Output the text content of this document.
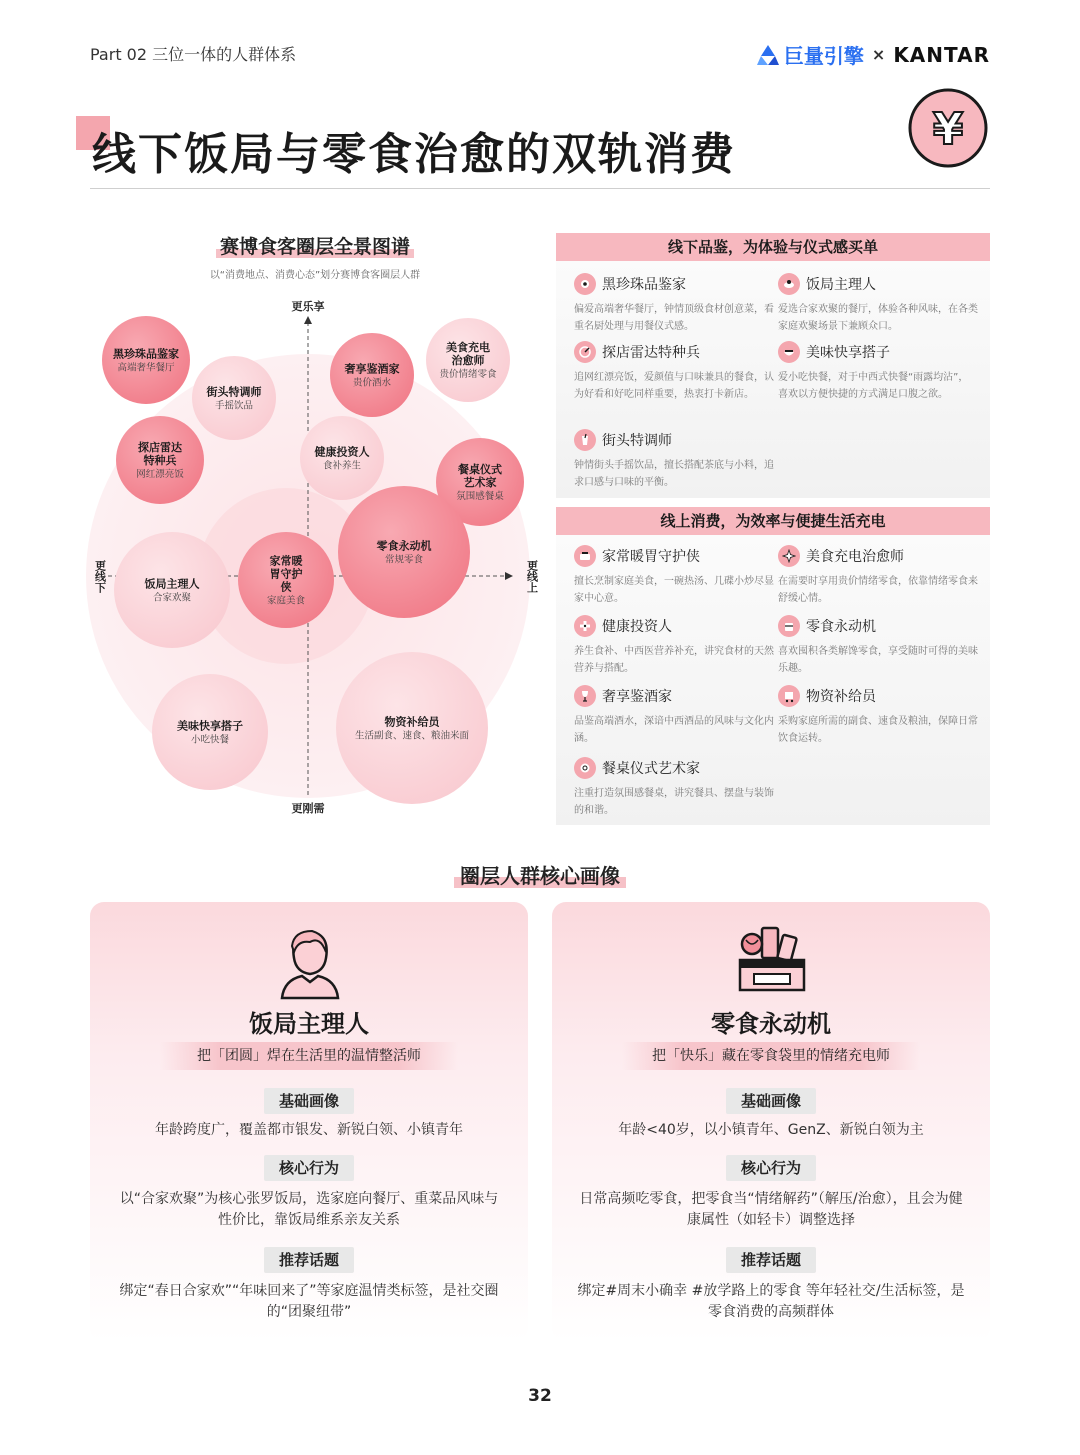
Part 02 三位一体的人群体系	巨量引擎 × KANTAR
线下饭局与零食治愈的双轨消费	¥
赛博食客圈层全景图谱
以“消费地点、消费心态”划分赛博食客圈层人群
更乐享
更刚需
更线下	更线上
黑珍珠品鉴家
高端奢华餐厅
街头特调师
手摇饮品
奢享鉴酒家
贵价酒水
美食充电
治愈师
贵价情绪零食
健康投资人
食补养生
探店雷达
特种兵
网红漂亮饭	餐桌仪式
艺术家
氛围感餐桌
零食永动机
常规零食
家常暖
胃守护
侠
家庭美食
饭局主理人
合家欢聚
美味快享搭子
小吃快餐
物资补给员
生活副食、速食、粮油米面
线下品鉴，为体验与仪式感买单
黑珍珠品鉴家
偏爱高端奢华餐厅，钟情顶级食材创意菜，看重名厨处理与用餐仪式感。
饭局主理人
爱选合家欢聚的餐厅，体验各种风味，在各类家庭欢聚场景下兼顾众口。
探店雷达特种兵
追网红漂亮饭，爱颜值与口味兼具的餐食，认为好看和好吃同样重要，热衷打卡新店。
美味快享搭子
爱小吃快餐，对于中西式快餐“雨露均沾”，喜欢以方便快捷的方式满足口腹之欲。
街头特调师
钟情街头手摇饮品，擅长搭配茶底与小料，追求口感与口味的平衡。
线上消费，为效率与便捷生活充电
家常暖胃守护侠
擅长烹制家庭美食，一碗热汤、几碟小炒尽显家中心意。
美食充电治愈师
在需要时享用贵价情绪零食，依靠情绪零食来舒缓心情。
健康投资人
养生食补、中西医营养补充，讲究食材的天然营养与搭配。
零食永动机
喜欢囤积各类解馋零食，享受随时可得的美味乐趣。
奢享鉴酒家
品鉴高端酒水，深谙中西酒品的风味与文化内涵。
物资补给员
采购家庭所需的副食、速食及粮油，保障日常饮食运转。
餐桌仪式艺术家
注重打造氛围感餐桌，讲究餐具、摆盘与装饰的和谐。
圈层人群核心画像
饭局主理人
把「团圆」焊在生活里的温情整活师
基础画像
年龄跨度广，覆盖都市银发、新锐白领、小镇青年
核心行为
以“合家欢聚”为核心张罗饭局，选家庭向餐厅、重菜品风味与性价比，靠饭局维系亲友关系
推荐话题
绑定“春日合家欢”“年味回来了”等家庭温情类标签，是社交圈的“团聚纽带”
零食永动机
把「快乐」藏在零食袋里的情绪充电师
基础画像
年龄<40岁，以小镇青年、GenZ、新锐白领为主
核心行为
日常高频吃零食，把零食当“情绪解药”（解压/治愈），且会为健康属性（如轻卡）调整选择
推荐话题
绑定#周末小确幸 #放学路上的零食 等年轻社交/生活标签，是零食消费的高频群体
32
